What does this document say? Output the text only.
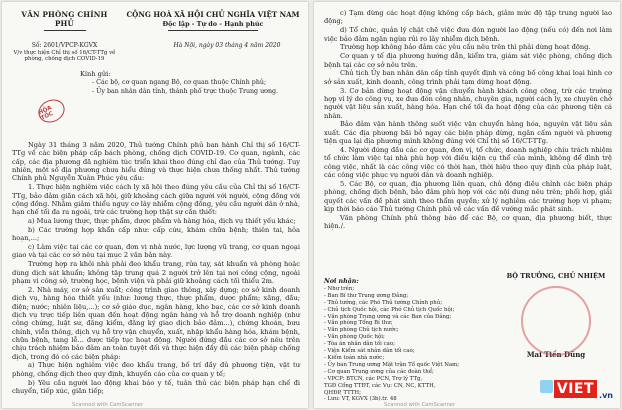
VĂN PHÒNG CHÍNH PHỦ
CỘNG HOÀ XÃ HỘI CHỦ NGHĨA VIỆT NAM
Độc lập - Tự do - Hạnh phúc
Số: 2601/VPCP-KGVX
V/v thực hiện Chỉ thị số 16/CT-TTg về phòng, chống dịch COVID-19
Hà Nội, ngày 03 tháng 4 năm 2020
Kính gửi:
- Các bộ, cơ quan ngang Bộ, cơ quan thuộc Chính phủ;
- Ủy ban nhân dân tỉnh, thành phố trực thuộc Trung ương.
HỎA TỐC

Ngày 31 tháng 3 năm 2020, Thủ tướng Chính phủ ban hành Chỉ thị số 16/CT-TTg về các biện pháp cấp bách phòng, chống dịch COVID-19. Cơ quan, ngành, các cấp, các địa phương đã nghiêm túc triển khai theo đúng chỉ đạo của Thủ tướng. Tuy nhiên, một số địa phương chưa hiểu đúng và thực hiện chưa thống nhất. Thủ tướng Chính phủ Nguyễn Xuân Phúc yêu cầu:

1. Thực hiện nghiêm việc cách ly xã hội theo đúng yêu cầu của Chỉ thị số 16/CT-TTg, bảo đảm giãn cách xã hội, giữ khoảng cách giữa người với người, cộng đồng với cộng đồng. Nhằm giảm thiểu nguy cơ lây nhiễm cộng đồng, yêu cầu người dân ở nhà, hạn chế tối đa ra ngoài, trừ các trường hợp thật sự cần thiết:

a) Mua lương thực, thực phẩm, dược phẩm và hàng hóa, dịch vụ thiết yếu khác;

b) Các trường hợp khẩn cấp như: cấp cứu, khám chữa bệnh; thiên tai, hỏa hoạn,...;

c) Làm việc tại các cơ quan, đơn vị nhà nước, lực lượng vũ trang, cơ quan ngoại giao và tại các cơ sở nêu tại mục 2 văn bản này.

Trường hợp ra khỏi nhà phải đeo khẩu trang, rửa tay, sát khuẩn và phòng hoặc dùng dịch sát khuẩn; không tập trung quá 2 người trở lên tại nơi công cộng, ngoài phạm vi công sở, trường học, bệnh viện và phải giữ khoảng cách tối thiểu 2m.

2. Nhà máy, cơ sở sản xuất; công trình giao thông, xây dựng; cơ sở kinh doanh dịch vụ, hàng hóa thiết yếu (như: lương thực, thực phẩm, dược phẩm; xăng, dầu; điện; nước; nhiên liệu,...); cơ sở giáo dục, ngân hàng, kho bạc, các cơ sở kinh doanh dịch vụ trực tiếp liên quan đến hoạt động ngân hàng và hỗ trợ doanh nghiệp (như công chứng, luật sư, đăng kiểm, đăng ký giao dịch bảo đảm...), chứng khoán, bưu chính, viễn thông, dịch vụ hỗ trợ vận chuyển, xuất, nhập khẩu hàng hóa, khám bệnh, chữa bệnh, tang lễ... được tiếp tục hoạt động. Người đứng đầu các cơ sở nêu trên chịu trách nhiệm bảo đảm an toàn tuyệt đối và thực hiện đầy đủ các biện pháp chống dịch, trong đó có các biện pháp:

a) Thực hiện nghiêm việc đeo khẩu trang, bố trí đầy đủ phương tiện, vật tư phòng, chống dịch theo quy định, khuyến cáo của cơ quan y tế;

b) Yêu cầu người lao động khai báo y tế, tuân thủ các biện pháp hạn chế đi chuyển, tiếp xúc, giãn tiếp;

Scanned with CamScanner

c) Tạm dừng các hoạt động không cấp bách, giảm mức độ tập trung người lao động;

d) Tổ chức, quản lý chặt chẽ việc đưa đón người lao động (nếu có) đến nơi làm việc bảo đảm ngăn ngừa rủi ro lây nhiễm dịch bệnh.

Trường hợp không bảo đảm các yêu cầu nêu trên thì phải dừng hoạt động.

Cơ quan y tế địa phương hướng dẫn, kiểm tra, giám sát việc phòng, chống dịch bệnh tại các cơ sở nêu trên.

Chủ tịch Ủy ban nhân dân cấp tỉnh quyết định và công bố công khai loại hình cơ sở sản xuất, kinh doanh, công trình phải tạm dừng hoạt động.

3. Cơ bản dừng hoạt động vận chuyển hành khách công cộng, trừ các trường hợp vì lý do công vụ, xe đưa đón công nhân, chuyên gia, người cách ly, xe chuyên chở người vật liệu sản xuất, hàng hóa. Hạn chế tối đa hoạt động của các phương tiện cá nhân.

Bảo đảm vận hành thông suốt việc vận chuyển hàng hóa, nguyên vật liệu sản xuất. Các địa phương bãi bỏ ngay các biện pháp dừng, ngăn cấm người và phương tiện qua lại địa phương mình không đúng với Chỉ thị số 16/CT-TTg.

4. Người đứng đầu các cơ quan, đơn vị, tổ chức, doanh nghiệp chịu trách nhiệm tổ chức làm việc tại nhà phù hợp với điều kiện cụ thể của mình, không để đình trệ công việc, nhất là các công việc có thời hạn, thời hiệu theo quy định của pháp luật, các công việc phục vụ người dân và doanh nghiệp.

5. Các Bộ, cơ quan, địa phương liên quan, chủ động điều chỉnh các biện pháp phòng, chống dịch bệnh, bảo đảm phù hợp với các nội dung nêu trên; phối hợp, giải quyết các vấn đề phát sinh theo thẩm quyền; xử lý nghiêm các trường hợp vi phạm; kịp thời báo cáo Thủ tướng Chính phủ về các vấn đề vướng mắc phát sinh.

Văn phòng Chính phủ thông báo để các Bộ, cơ quan, địa phương biết, thực hiện./.

Nơi nhận:
- Như trên;
- Ban Bí thư Trung ương Đảng;
- Thủ tướng, các Phó Thủ tướng Chính phủ;
- Chủ tịch Quốc hội, các Phó Chủ tịch Quốc hội;
- Văn phòng Trung ương và các Ban của Đảng;
- Văn phòng Tổng Bí thư;
- Văn phòng Chủ tịch nước;
- Văn phòng Quốc hội;
- Tòa án nhân dân tối cao;
- Viện Kiểm sát nhân dân tối cao;
- Kiểm toán nhà nước;
- Ủy ban Trung ương Mặt trận Tổ quốc Việt Nam;
- Cơ quan Trung ương của các đoàn thể;
- VPCP: BTCN, các PCN, Trợ lý TTg,
TGĐ Cổng TTĐT, các Vụ: CN, NC, KTTH,
QHĐP, TTTH;
- Lưu: VT, KGVX (3b).tr. 48
BỘ TRƯỞNG, CHỦ NHIỆM
Mai Tiến Dũng
Scanned with CamScanner
VIET .vn
